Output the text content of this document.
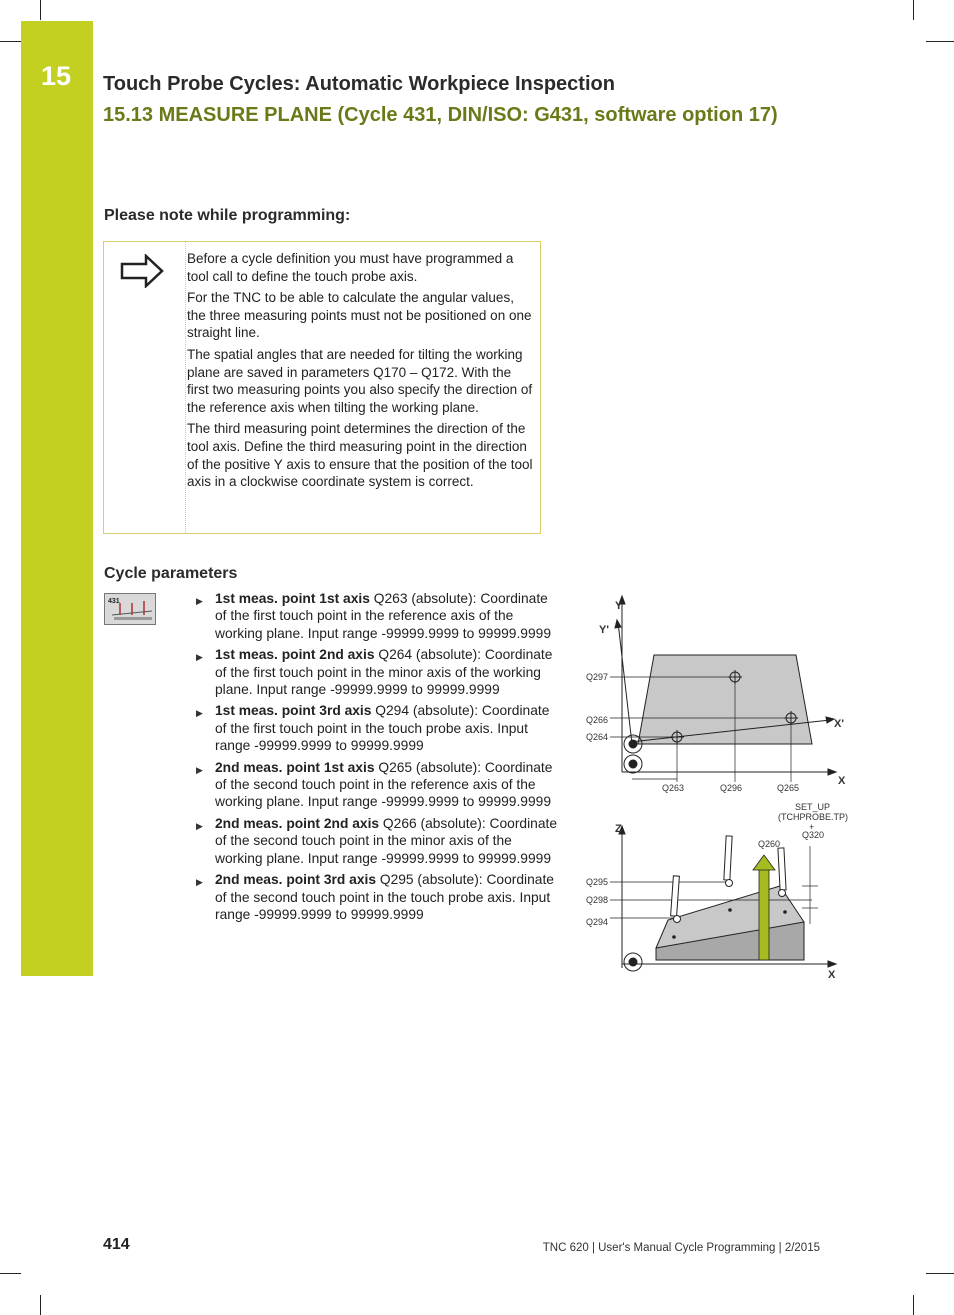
15	Touch Probe Cycles: Automatic Workpiece Inspection
15.13 MEASURE PLANE (Cycle 431, DIN/ISO: G431, software option 17)
Please note while programming:

Before a cycle definition you must have programmed a tool call to define the touch probe axis.

For the TNC to be able to calculate the angular values, the three measuring points must not be positioned on one straight line.

The spatial angles that are needed for tilting the working plane are saved in parameters Q170 – Q172. With the first two measuring points you also specify the direction of the reference axis when tilting the working plane.

The third measuring point determines the direction of the tool axis. Define the third measuring point in the direction of the positive Y axis to ensure that the position of the tool axis in a clockwise coordinate system is correct.

Cycle parameters
431	▶ 1st meas. point 1st axis Q263 (absolute): Coordinate of the first touch point in the reference axis of the working plane. Input range -99999.9999 to 99999.9999
▶ 1st meas. point 2nd axis Q264 (absolute): Coordinate of the first touch point in the minor axis of the working plane. Input range -99999.9999 to 99999.9999
▶ 1st meas. point 3rd axis Q294 (absolute): Coordinate of the first touch point in the touch probe axis. Input range -99999.9999 to 99999.9999
▶ 2nd meas. point 1st axis Q265 (absolute): Coordinate of the second touch point in the reference axis of the working plane. Input range -99999.9999 to 99999.9999
▶ 2nd meas. point 2nd axis Q266 (absolute): Coordinate of the second touch point in the minor axis of the working plane. Input range -99999.9999 to 99999.9999
▶ 2nd meas. point 3rd axis Q295 (absolute): Coordinate of the second touch point in the touch probe axis. Input range -99999.9999 to 99999.9999
Y
Y'
X
X'
Q297
Q266
Q264
Q263	Q296	Q265
Z
X
SET_UP
(TCHPROBE.TP)
+
Q320
Q260
Q295
Q298
Q294
414	TNC 620 | User's Manual Cycle Programming | 2/2015
